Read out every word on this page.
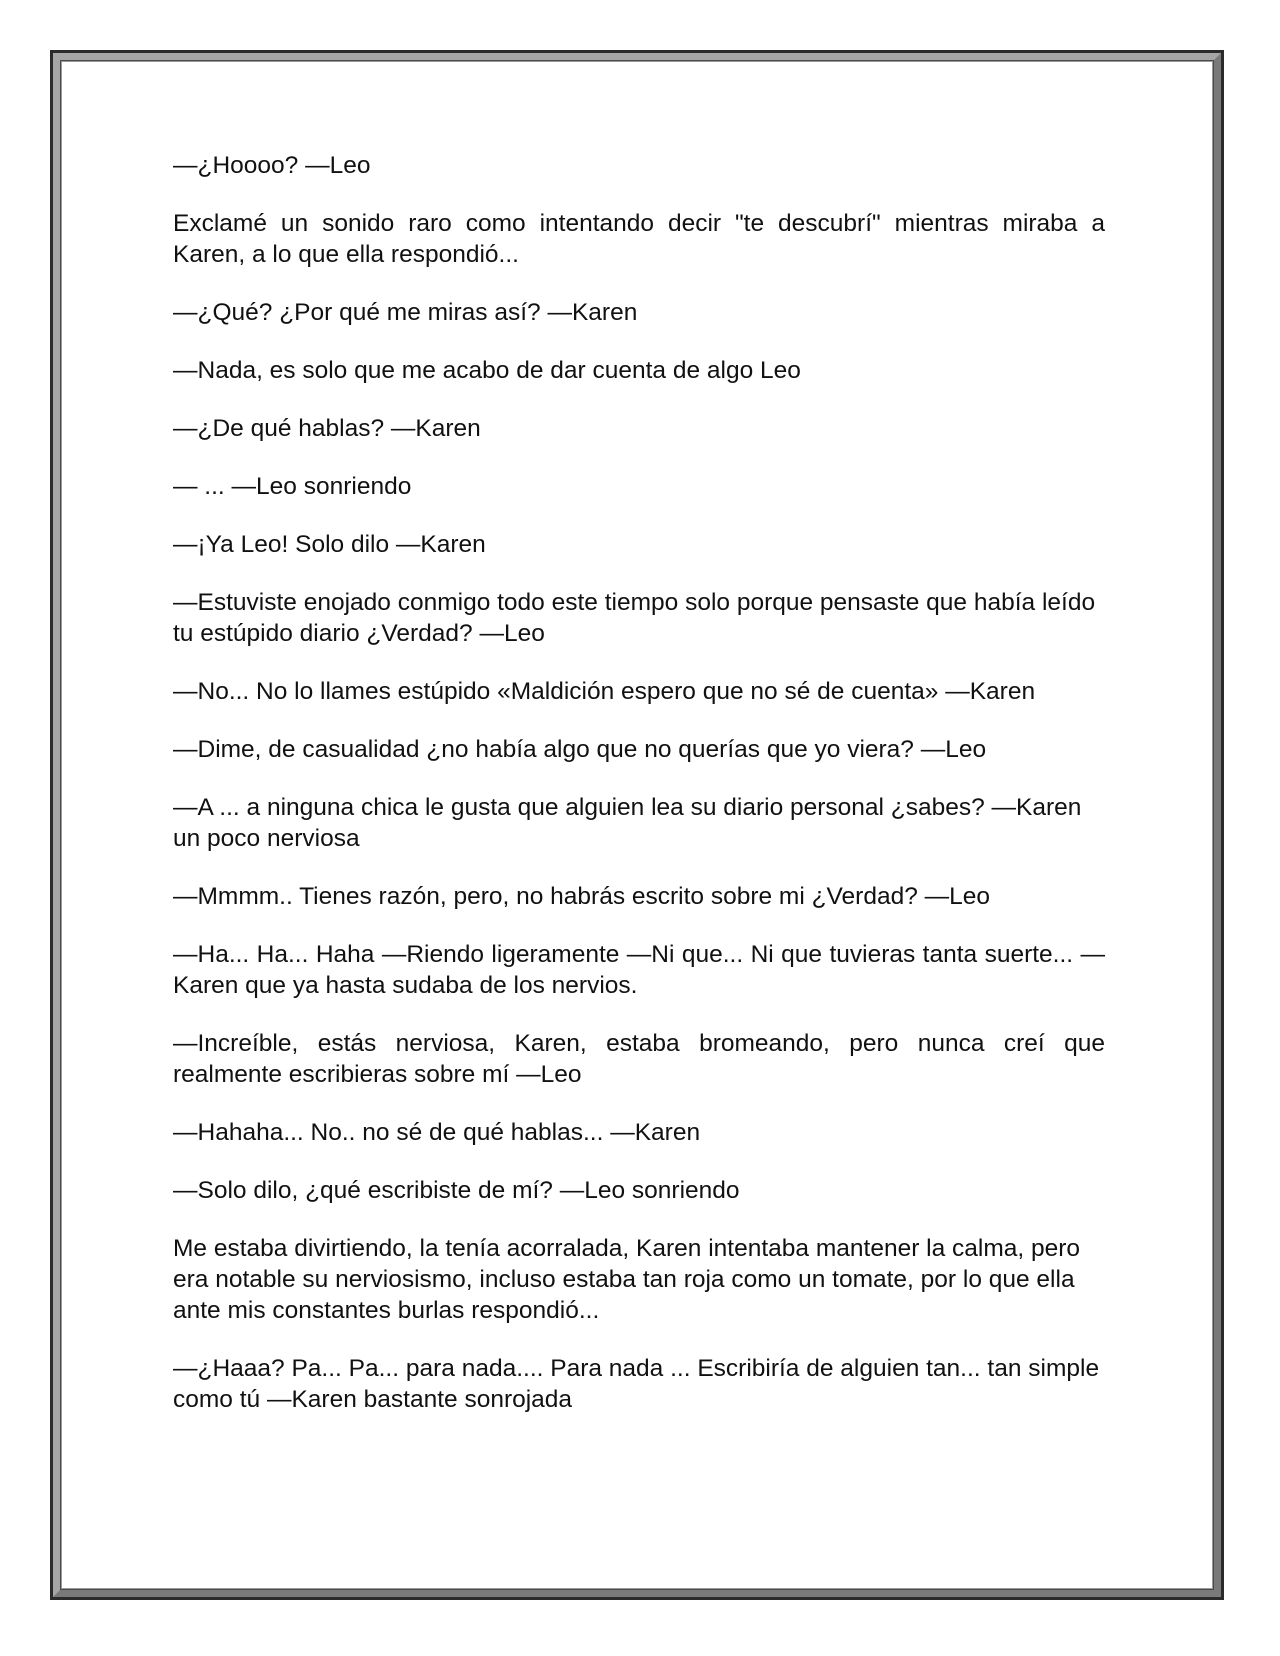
—¿Hoooo? —Leo

Exclamé un sonido raro como intentando decir "te descubrí" mientras miraba a Karen, a lo que ella respondió...

—¿Qué? ¿Por qué me miras así? —Karen

—Nada, es solo que me acabo de dar cuenta de algo Leo

—¿De qué hablas? —Karen

— ... —Leo sonriendo

—¡Ya Leo! Solo dilo —Karen

—Estuviste enojado conmigo todo este tiempo solo porque pensaste que había leído tu estúpido diario ¿Verdad? —Leo

—No... No lo llames estúpido «Maldición espero que no sé de cuenta» —Karen

—Dime, de casualidad ¿no había algo que no querías que yo viera? —Leo

—A ... a ninguna chica le gusta que alguien lea su diario personal ¿sabes? —Karen un poco nerviosa

—Mmmm.. Tienes razón, pero, no habrás escrito sobre mi ¿Verdad? —Leo

—Ha... Ha... Haha —Riendo ligeramente —Ni que... Ni que tuvieras tanta suerte... —Karen que ya hasta sudaba de los nervios.

—Increíble, estás nerviosa, Karen, estaba bromeando, pero nunca creí que realmente escribieras sobre mí —Leo

—Hahaha... No.. no sé de qué hablas... —Karen

—Solo dilo, ¿qué escribiste de mí? —Leo sonriendo

Me estaba divirtiendo, la tenía acorralada, Karen intentaba mantener la calma, pero era notable su nerviosismo, incluso estaba tan roja como un tomate, por lo que ella ante mis constantes burlas respondió...

—¿Haaa? Pa... Pa... para nada.... Para nada ... Escribiría de alguien tan... tan simple como tú —Karen bastante sonrojada
